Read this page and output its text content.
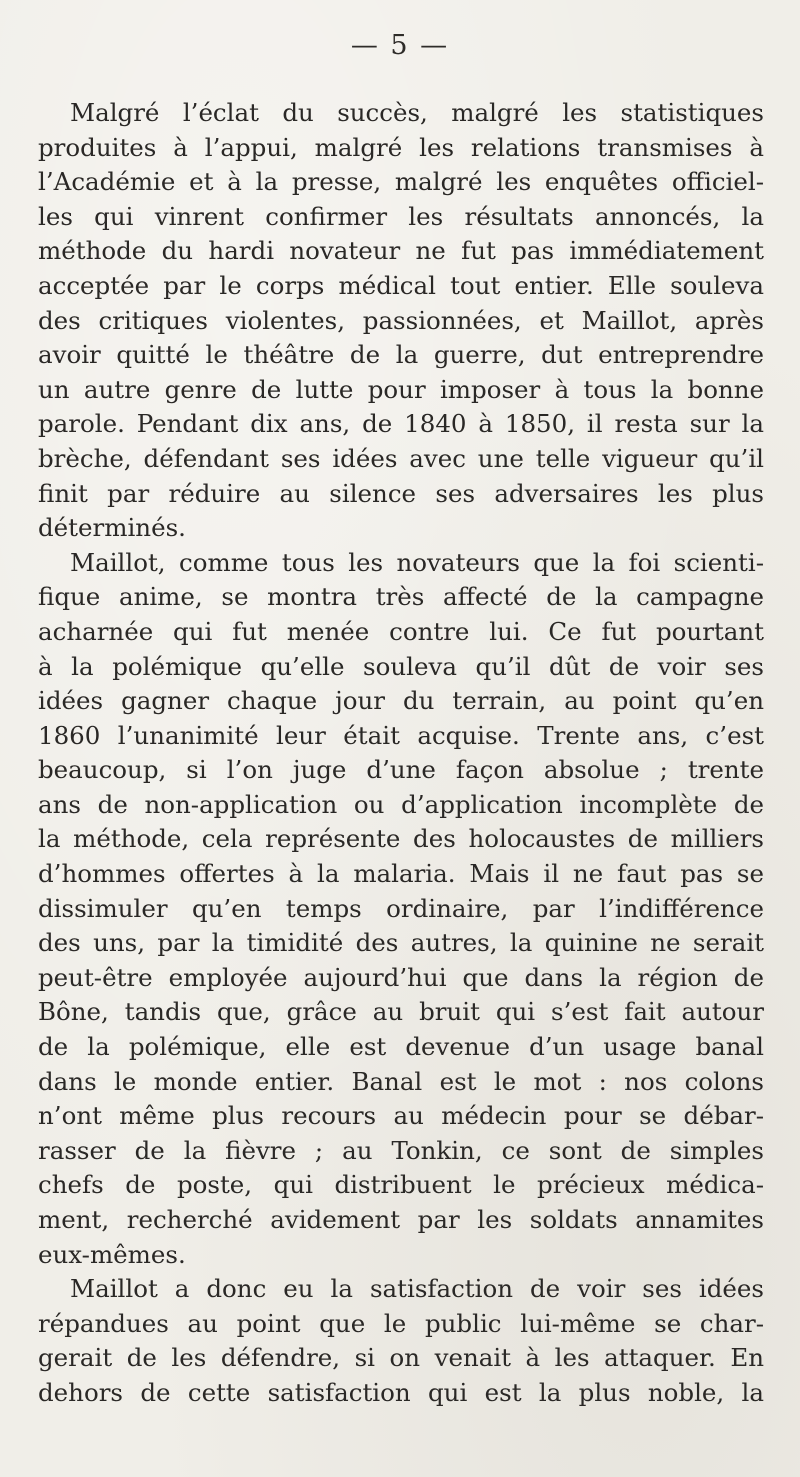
— 5 —
Malgré l’éclat du succès, malgré les statistiques
produites à l’appui, malgré les relations transmises à
l’Académie et à la presse, malgré les enquêtes officiel-
les qui vinrent confirmer les résultats annoncés, la
méthode du hardi novateur ne fut pas immédiatement
acceptée par le corps médical tout entier. Elle souleva
des critiques violentes, passionnées, et Maillot, après
avoir quitté le théâtre de la guerre, dut entreprendre
un autre genre de lutte pour imposer à tous la bonne
parole. Pendant dix ans, de 1840 à 1850, il resta sur la
brèche, défendant ses idées avec une telle vigueur qu’il
finit par réduire au silence ses adversaires les plus
déterminés.
Maillot, comme tous les novateurs que la foi scienti-
fique anime, se montra très affecté de la campagne
acharnée qui fut menée contre lui. Ce fut pourtant
à la polémique qu’elle souleva qu’il dût de voir ses
idées gagner chaque jour du terrain, au point qu’en
1860 l’unanimité leur était acquise. Trente ans, c’est
beaucoup, si l’on juge d’une façon absolue ; trente
ans de non-application ou d’application incomplète de
la méthode, cela représente des holocaustes de milliers
d’hommes offertes à la malaria. Mais il ne faut pas se
dissimuler qu’en temps ordinaire, par l’indifférence
des uns, par la timidité des autres, la quinine ne serait
peut-être employée aujourd’hui que dans la région de
Bône, tandis que, grâce au bruit qui s’est fait autour
de la polémique, elle est devenue d’un usage banal
dans le monde entier. Banal est le mot : nos colons
n’ont même plus recours au médecin pour se débar-
rasser de la fièvre ; au Tonkin, ce sont de simples
chefs de poste, qui distribuent le précieux médica-
ment, recherché avidement par les soldats annamites
eux-mêmes.
Maillot a donc eu la satisfaction de voir ses idées
répandues au point que le public lui-même se char-
gerait de les défendre, si on venait à les attaquer. En
dehors de cette satisfaction qui est la plus noble, la
